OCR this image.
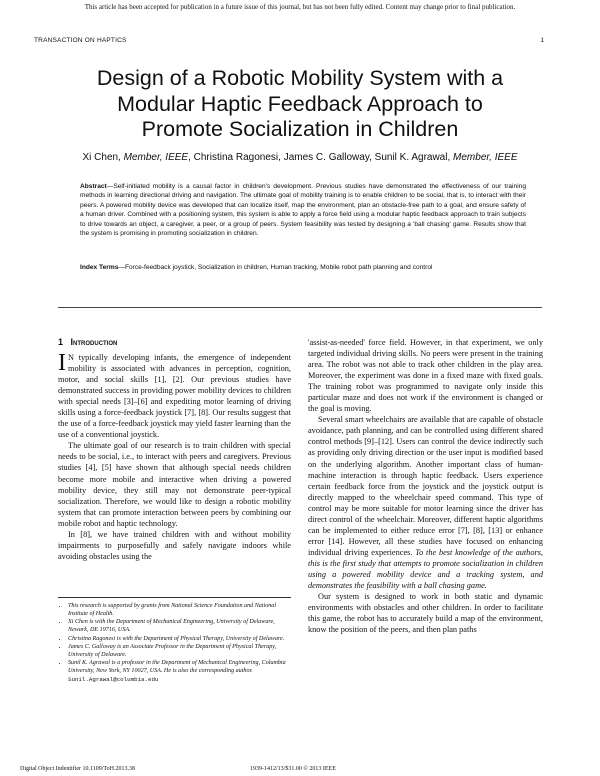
This article has been accepted for publication in a future issue of this journal, but has not been fully edited. Content may change prior to final publication.
TRANSACTION ON HAPTICS	1
Design of a Robotic Mobility System with a
Modular Haptic Feedback Approach to
Promote Socialization in Children
Xi Chen, Member, IEEE, Christina Ragonesi, James C. Galloway, Sunil K. Agrawal, Member, IEEE
Abstract—Self-initiated mobility is a causal factor in children's development. Previous studies have demonstrated the effectiveness of our training methods in learning directional driving and navigation. The ultimate goal of mobility training is to enable children to be social, that is, to interact with their peers. A powered mobility device was developed that can localize itself, map the environment, plan an obstacle-free path to a goal, and ensure safety of a human driver. Combined with a positioning system, this system is able to apply a force field using a modular haptic feedback approach to train subjects to drive towards an object, a caregiver, a peer, or a group of peers. System feasibility was tested by designing a 'ball chasing' game. Results show that the system is promising in promoting socialization in children.
Index Terms—Force-feedback joystick, Socialization in children, Human tracking, Mobile robot path planning and control
1 Introduction

I N typically developing infants, the emergence of independent mobility is associated with advances in perception, cognition, motor, and social skills [1], [2]. Our previous studies have demonstrated success in providing power mobility devices to children with special needs [3]–[6] and expediting motor learning of driving skills using a force-feedback joystick [7], [8]. Our results suggest that the use of a force-feedback joystick may yield faster learning than the use of a conventional joystick.

The ultimate goal of our research is to train children with special needs to be social, i.e., to interact with peers and caregivers. Previous studies [4], [5] have shown that although special needs children become more mobile and interactive when driving a powered mobility device, they still may not demonstrate peer-typical socialization. Therefore, we would like to design a robotic mobility system that can promote interaction between peers by combining our mobile robot and haptic technology.

In [8], we have trained children with and without mobility impairments to purposefully and safely navigate indoors while avoiding obstacles using the

• This research is supported by grants from National Science Foundation and National Institute of Health.
• Xi Chen is with the Department of Mechanical Engineering, University of Delaware, Newark, DE 19716, USA.
• Christina Ragonesi is with the Department of Physical Therapy, University of Delaware.
• James C. Galloway is an Associate Professor in the Department of Physical Therapy, University of Delaware.
• Sunil K. Agrawal is a professor in the Department of Mechanical Engineering, Columbia University, New York, NY 10027, USA. He is also the corresponding author. Sunil.Agrawal@columbia.edu

'assist-as-needed' force field. However, in that experiment, we only targeted individual driving skills. No peers were present in the training area. The robot was not able to track other children in the play area. Moreover, the experiment was done in a fixed maze with fixed goals. The training robot was programmed to navigate only inside this particular maze and does not work if the environment is changed or the goal is moving.

Several smart wheelchairs are available that are capable of obstacle avoidance, path planning, and can be controlled using different shared control methods [9]–[12]. Users can control the device indirectly such as providing only driving direction or the user input is modified based on the underlying algorithm. Another important class of human-machine interaction is through haptic feedback. Users experience certain feedback force from the joystick and the joystick output is directly mapped to the wheelchair speed command. This type of control may be more suitable for motor learning since the driver has direct control of the wheelchair. Moreover, different haptic algorithms can be implemented to either reduce error [7], [8], [13] or enhance error [14]. However, all these studies have focused on enhancing individual driving experiences. To the best knowledge of the authors, this is the first study that attempts to promote socialization in children using a powered mobility device and a tracking system, and demonstrates the feasibility with a ball chasing game.

Our system is designed to work in both static and dynamic environments with obstacles and other children. In order to facilitate this game, the robot has to accurately build a map of the environment, know the position of the peers, and then plan paths

Digital Object Indentifier 10.1109/ToH.2013.38	1939-1412/13/$31.00 © 2013 IEEE
